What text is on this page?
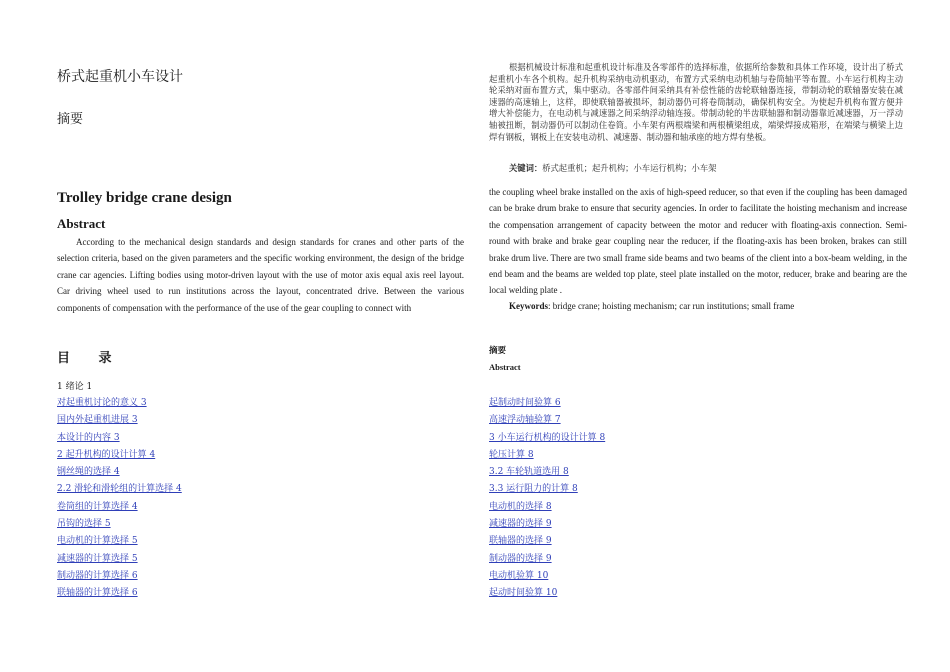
桥式起重机小车设计
摘要
Trolley bridge crane design
Abstract
According to the mechanical design standards and design standards for cranes and other parts of the selection criteria, based on the given parameters and the specific working environment, the design of the bridge crane car agencies. Lifting bodies using motor-driven layout with the use of motor axis equal axis reel layout. Car driving wheel used to run institutions across the layout, concentrated drive. Between the various components of compensation with the performance of the use of the gear coupling to connect with
根据机械设计标准和起重机设计标准及各零部件的选择标准，依据所给参数和具体工作环境，设计出了桥式起重机小车各个机构。起升机构采纳电动机驱动，布置方式采纳电动机轴与卷筒轴平等布置。小车运行机构主动轮采纳对面布置方式，集中驱动。各零部件间采纳具有补偿性能的齿轮联轴器连接，带制动轮的联轴器安装在减速器的高速轴上，这样，即使联轴器被损坏，制动器仍可将卷筒制动，确保机构安全。为使起升机构布置方便并增大补偿能力，在电动机与减速器之间采纳浮动轴连接。带制动轮的半齿联轴器和制动器靠近减速器，万一浮动轴被扭断，制动器仍可以制动住卷筒。小车架有两根端梁和两根横梁组成，端梁焊接成箱形，在端梁与横梁上边焊有钢板，钢板上在安装电动机、减速器、制动器和轴承座的地方焊有垫板。
关键词：桥式起重机；起升机构；小车运行机构；小车架
the coupling wheel brake installed on the axis of high-speed reducer, so that even if the coupling has been damaged can be brake drum brake to ensure that security agencies. In order to facilitate the hoisting mechanism and increase the compensation arrangement of capacity between the motor and reducer with floating-axis connection. Semi-round with brake and brake gear coupling near the reducer, if the floating-axis has been broken, brakes can still brake drum live. There are two small frame side beams and two beams of the client into a box-beam welding, in the end beam and the beams are welded top plate, steel plate installed on the motor, reducer, brake and bearing are the local welding plate .
Keywords: bridge crane; hoisting mechanism; car run institutions; small frame
目 录
1 绪论 1
摘要
Abstract
对起重机讨论的意义 3
国内外起重机进展 3
本设计的内容 3
2 起升机构的设计计算 4
钢丝绳的选择 4
2.2 滑轮和滑轮组的计算选择 4
卷筒组的计算选择 4
吊钩的选择 5
电动机的计算选择 5
减速器的计算选择 5
制动器的计算选择 6
联轴器的计算选择 6
起制动时间验算 6
高速浮动轴验算 7
3 小车运行机构的设计计算 8
轮压计算 8
3.2 车轮轨道选用 8
3.3 运行阻力的计算 8
电动机的选择 8
减速器的选择 9
联轴器的选择 9
制动器的选择 9
电动机验算 10
起动时间验算 10
